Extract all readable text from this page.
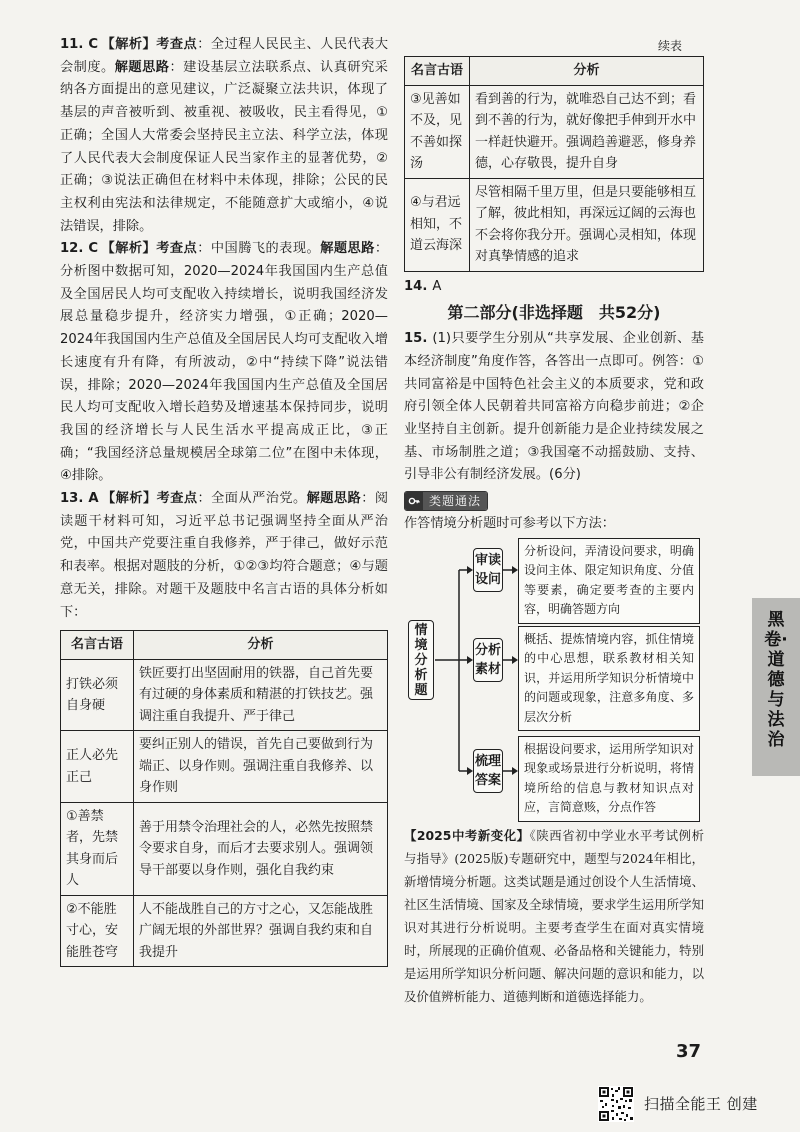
11. C 【解析】考查点：全过程人民民主、人民代表大会制度。解题思路：建设基层立法联系点、认真研究采纳各方面提出的意见建议，广泛凝聚立法共识，体现了基层的声音被听到、被重视、被吸收，民主看得见，①正确；全国人大常委会坚持民主立法、科学立法，体现了人民代表大会制度保证人民当家作主的显著优势，②正确；③说法正确但在材料中未体现，排除；公民的民主权利由宪法和法律规定，不能随意扩大或缩小，④说法错误，排除。

12. C 【解析】考查点：中国腾飞的表现。解题思路：分析图中数据可知，2020—2024年我国国内生产总值及全国居民人均可支配收入持续增长，说明我国经济发展总量稳步提升，经济实力增强，①正确；2020—2024年我国国内生产总值及全国居民人均可支配收入增长速度有升有降，有所波动，②中“持续下降”说法错误，排除；2020—2024年我国国内生产总值及全国居民人均可支配收入增长趋势及增速基本保持同步，说明我国的经济增长与人民生活水平提高成正比，③正确；“我国经济总量规模居全球第二位”在图中未体现，④排除。

13. A 【解析】考查点：全面从严治党。解题思路：阅读题干材料可知，习近平总书记强调坚持全面从严治党，中国共产党要注重自我修养，严于律己，做好示范和表率。根据对题肢的分析，①②③均符合题意；④与题意无关，排除。对题干及题肢中名言古语的具体分析如下：

名言古语	分析
打铁必须自身硬	铁匠要打出坚固耐用的铁器，自己首先要有过硬的身体素质和精湛的打铁技艺。强调注重自我提升、严于律己
正人必先正己	要纠正别人的错误，首先自己要做到行为端正、以身作则。强调注重自我修养、以身作则
①善禁者，先禁其身而后人	善于用禁令治理社会的人，必然先按照禁令要求自身，而后才去要求别人。强调领导干部要以身作则，强化自我约束
②不能胜寸心，安能胜苍穹	人不能战胜自己的方寸之心，又怎能战胜广阔无垠的外部世界？强调自我约束和自我提升
续表
名言古语	分析
③见善如不及，见不善如探汤	看到善的行为，就唯恐自己达不到；看到不善的行为，就好像把手伸到开水中一样赶快避开。强调趋善避恶，修身养德，心存敬畏，提升自身
④与君远相知，不道云海深	尽管相隔千里万里，但是只要能够相互了解，彼此相知，再深远辽阔的云海也不会将你我分开。强调心灵相知，体现对真挚情感的追求

14. A

第二部分(非选择题　共52分)

15. (1)只要学生分别从“共享发展、企业创新、基本经济制度”角度作答，各答出一点即可。例答：①共同富裕是中国特色社会主义的本质要求，党和政府引领全体人民朝着共同富裕方向稳步前进；②企业坚持自主创新。提升创新能力是企业持续发展之基、市场制胜之道；③我国毫不动摇鼓励、支持、引导非公有制经济发展。(6分)

类题通法
作答情境分析题时可参考以下方法：
情境分析题
审读设问
分析设问，弄清设问要求，明确设问主体、限定知识角度、分值等要素，确定要考查的主要内容，明确答题方向
分析素材
概括、提炼情境内容，抓住情境的中心思想，联系教材相关知识，并运用所学知识分析情境中的问题或现象，注意多角度、多层次分析
梳理答案
根据设问要求，运用所学知识对现象或场景进行分析说明，将情境所给的信息与教材知识点对应，言简意赅，分点作答
【2025中考新变化】《陕西省初中学业水平考试例析与指导》(2025版)专题研究中，题型与2024年相比，新增情境分析题。这类试题是通过创设个人生活情境、社区生活情境、国家及全球情境，要求学生运用所学知识对其进行分析说明。主要考查学生在面对真实情境时，所展现的正确价值观、必备品格和关键能力，特别是运用所学知识分析问题、解决问题的意识和能力，以及价值辨析能力、道德判断和道德选择能力。
黑卷·道德与法治
37
扫描全能王 创建
